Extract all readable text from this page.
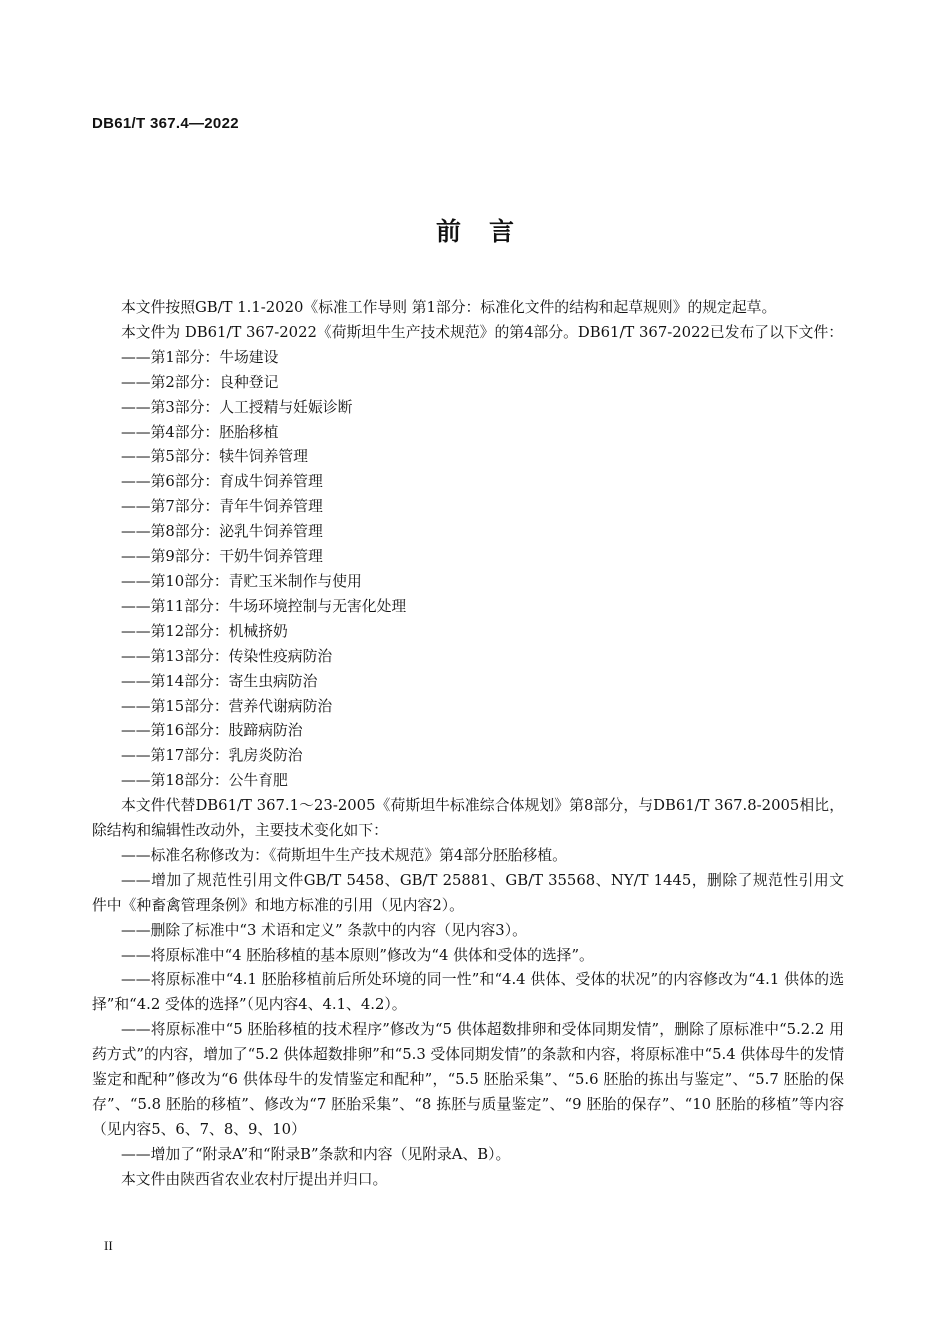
DB61/T 367.4—2022
前言

本文件按照GB/T 1.1-2020《标准工作导则 第1部分：标准化文件的结构和起草规则》的规定起草。

本文件为 DB61/T 367-2022《荷斯坦牛生产技术规范》的第4部分。DB61/T 367-2022已发布了以下文件：

——第1部分：牛场建设

——第2部分：良种登记

——第3部分：人工授精与妊娠诊断

——第4部分：胚胎移植

——第5部分：犊牛饲养管理

——第6部分：育成牛饲养管理

——第7部分：青年牛饲养管理

——第8部分：泌乳牛饲养管理

——第9部分：干奶牛饲养管理

——第10部分：青贮玉米制作与使用

——第11部分：牛场环境控制与无害化处理

——第12部分：机械挤奶

——第13部分：传染性疫病防治

——第14部分：寄生虫病防治

——第15部分：营养代谢病防治

——第16部分：肢蹄病防治

——第17部分：乳房炎防治

——第18部分：公牛育肥

本文件代替DB61/T 367.1～23-2005《荷斯坦牛标准综合体规划》第8部分，与DB61/T 367.8-2005相比，除结构和编辑性改动外，主要技术变化如下：

——标准名称修改为：《荷斯坦牛生产技术规范》第4部分胚胎移植。

——增加了规范性引用文件GB/T 5458、GB/T 25881、GB/T 35568、NY/T 1445，删除了规范性引用文件中《种畜禽管理条例》和地方标准的引用（见内容2）。

——删除了标准中“3 术语和定义” 条款中的内容（见内容3）。

——将原标准中“4 胚胎移植的基本原则”修改为“4 供体和受体的选择”。

——将原标准中“4.1 胚胎移植前后所处环境的同一性”和“4.4 供体、受体的状况”的内容修改为“4.1 供体的选择”和“4.2 受体的选择”（见内容4、4.1、4.2）。

——将原标准中“5 胚胎移植的技术程序”修改为“5 供体超数排卵和受体同期发情”，删除了原标准中“5.2.2 用药方式”的内容，增加了“5.2 供体超数排卵”和“5.3 受体同期发情”的条款和内容，将原标准中“5.4 供体母牛的发情鉴定和配种”修改为“6 供体母牛的发情鉴定和配种”，“5.5 胚胎采集”、“5.6 胚胎的拣出与鉴定”、“5.7 胚胎的保存”、“5.8 胚胎的移植”、修改为“7 胚胎采集”、“8 拣胚与质量鉴定”、“9 胚胎的保存”、“10 胚胎的移植”等内容（见内容5、6、7、8、9、10）

——增加了“附录A”和“附录B”条款和内容（见附录A、B）。

本文件由陕西省农业农村厅提出并归口。

II
